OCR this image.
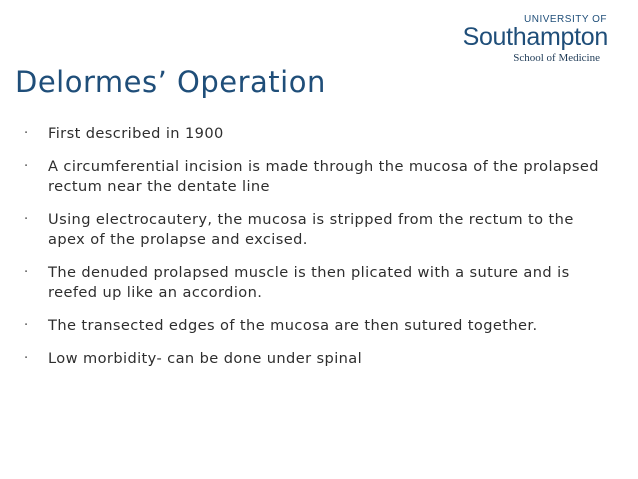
UNIVERSITY OF
Southampton
School of Medicine
Delormes’ Operation
· First described in 1900
· A circumferential incision is made through the mucosa of the prolapsed rectum near the dentate line
· Using electrocautery, the mucosa is stripped from the rectum to the apex of the prolapse and excised.
· The denuded prolapsed muscle is then plicated with a suture and is reefed up like an accordion.
· The transected edges of the mucosa are then sutured together.
· Low morbidity- can be done under spinal
